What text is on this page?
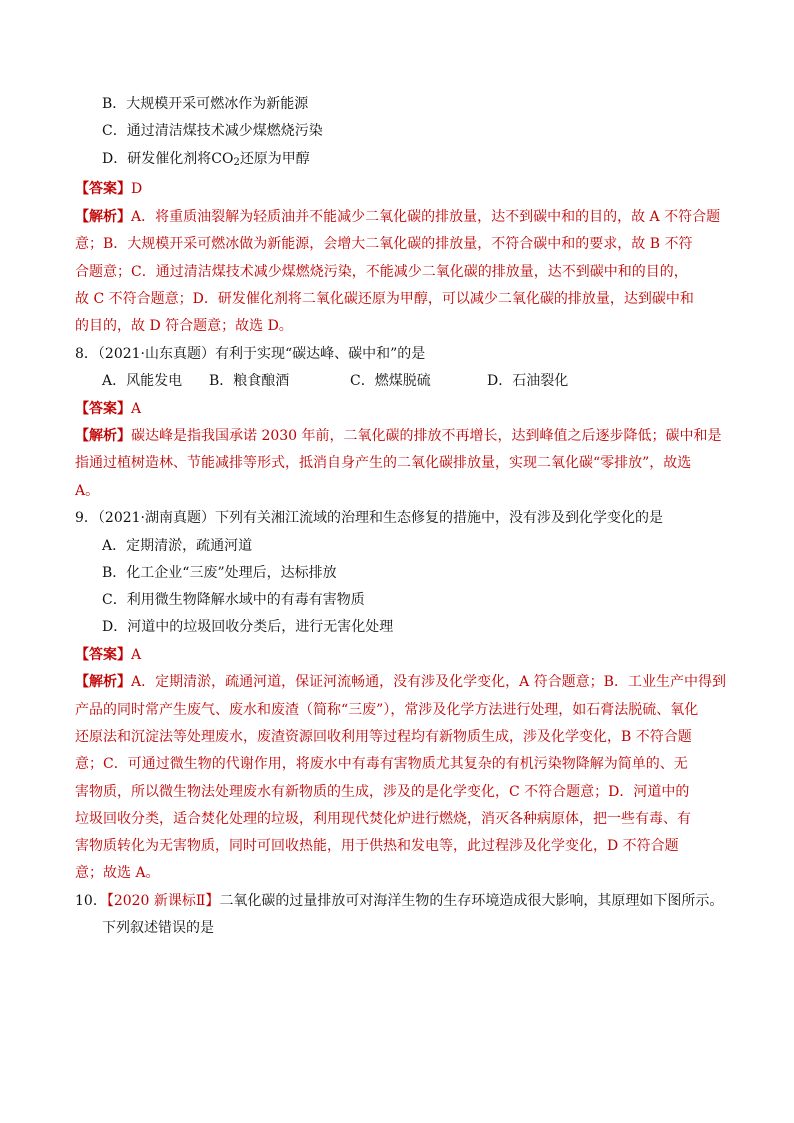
B．大规模开采可燃冰作为新能源
C．通过清洁煤技术减少煤燃烧污染
D．研发催化剂将$CO_2$还原为甲醇
【答案】D
【解析】A．将重质油裂解为轻质油并不能减少二氧化碳的排放量，达不到碳中和的目的，故 A 不符合题
意；B．大规模开采可燃冰做为新能源，会增大二氧化碳的排放量，不符合碳中和的要求，故 B 不符
合题意；C．通过清洁煤技术减少煤燃烧污染，不能减少二氧化碳的排放量，达不到碳中和的目的，
故 C 不符合题意；D．研发催化剂将二氧化碳还原为甲醇，可以减少二氧化碳的排放量，达到碳中和
的目的，故 D 符合题意；故选 D。
8．（2021·山东真题）有利于实现“碳达峰、碳中和”的是
A．风能发电 B．粮食酿酒	C．燃煤脱硫	D．石油裂化
【答案】A
【解析】碳达峰是指我国承诺 2030 年前，二氧化碳的排放不再增长，达到峰值之后逐步降低；碳中和是
指通过植树造林、节能减排等形式，抵消自身产生的二氧化碳排放量，实现二氧化碳“零排放”，故选
A。
9．（2021·湖南真题）下列有关湘江流域的治理和生态修复的措施中，没有涉及到化学变化的是
A．定期清淤，疏通河道
B．化工企业“三废”处理后，达标排放
C．利用微生物降解水域中的有毒有害物质
D．河道中的垃圾回收分类后，进行无害化处理
【答案】A
【解析】A．定期清淤，疏通河道，保证河流畅通，没有涉及化学变化，A 符合题意；B．工业生产中得到
产品的同时常产生废气、废水和废渣（简称“三废”），常涉及化学方法进行处理，如石膏法脱硫、氧化
还原法和沉淀法等处理废水，废渣资源回收利用等过程均有新物质生成，涉及化学变化，B 不符合题
意；C．可通过微生物的代谢作用，将废水中有毒有害物质尤其复杂的有机污染物降解为简单的、无
害物质，所以微生物法处理废水有新物质的生成，涉及的是化学变化，C 不符合题意；D．河道中的
垃圾回收分类，适合焚化处理的垃圾，利用现代焚化炉进行燃烧，消灭各种病原体，把一些有毒、有
害物质转化为无害物质，同时可回收热能，用于供热和发电等，此过程涉及化学变化，D 不符合题
意；故选 A。
10．【2020 新课标Ⅱ】二氧化碳的过量排放可对海洋生物的生存环境造成很大影响，其原理如下图所示。
下列叙述错误的是
